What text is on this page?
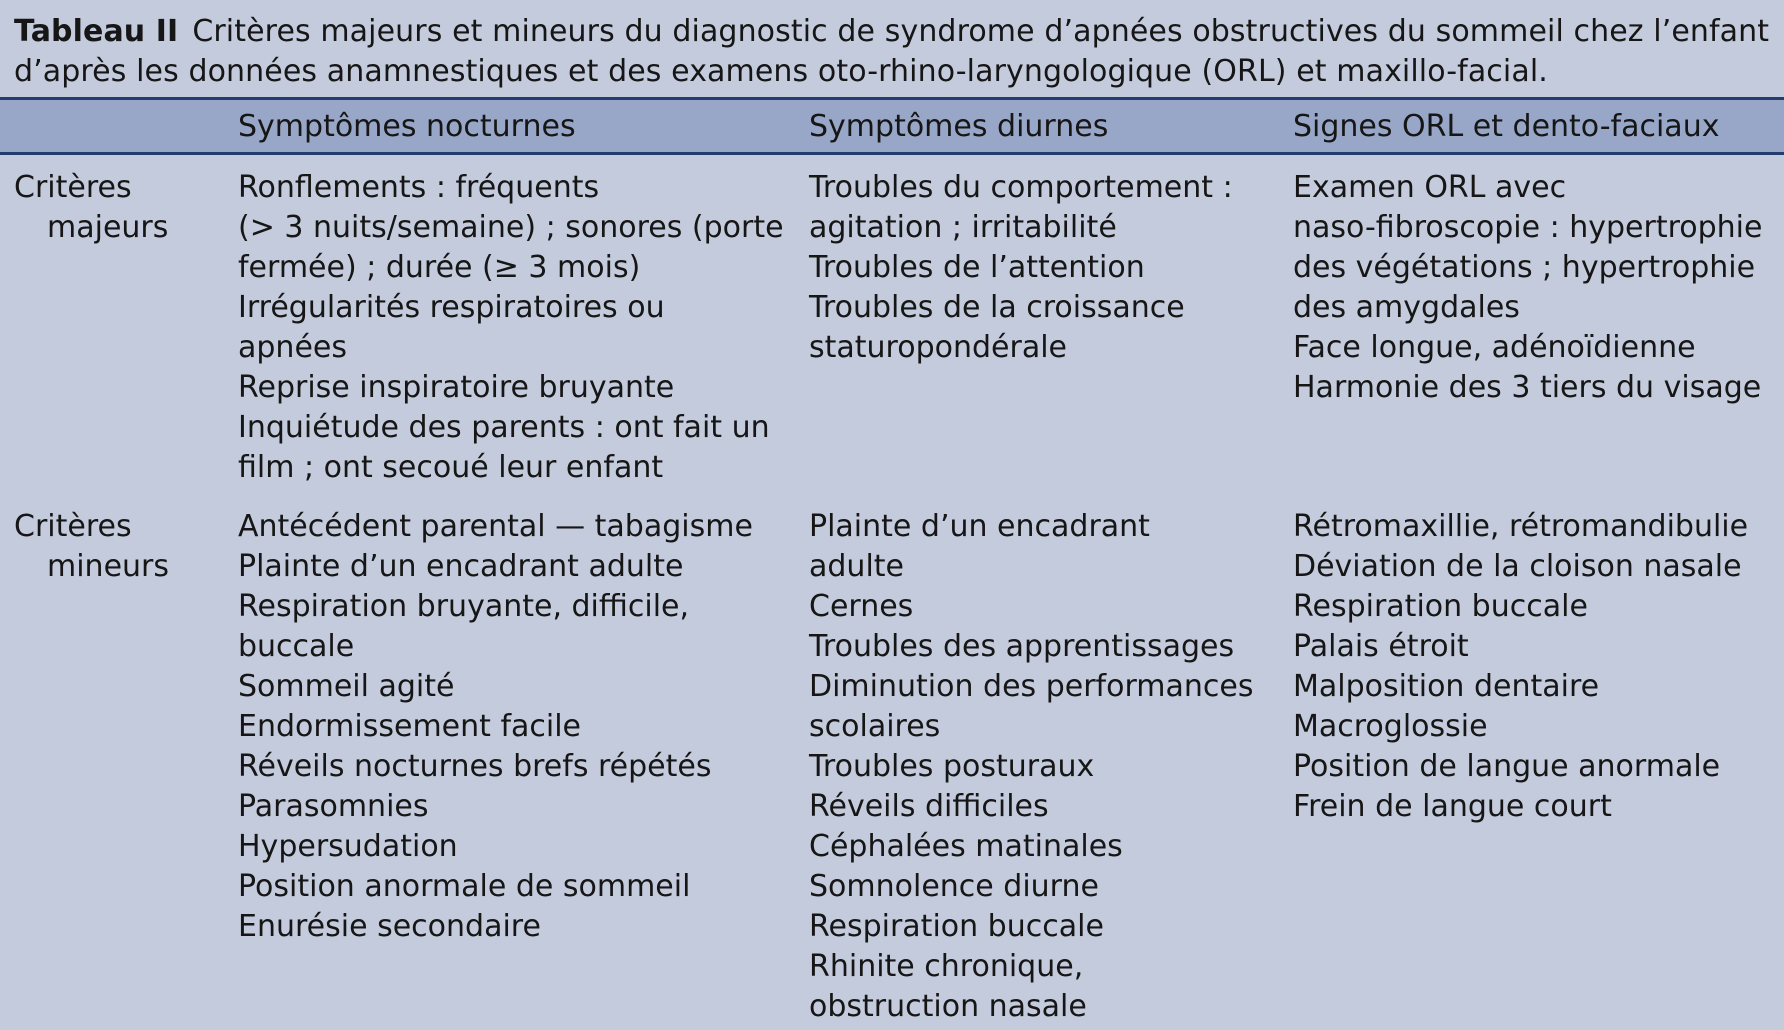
Tableau II Critères majeurs et mineurs du diagnostic de syndrome d’apnées obstructives du sommeil chez l’enfant
d’après les données anamnestiques et des examens oto-rhino-laryngologique (ORL) et maxillo-facial.
Symptômes nocturnes	Symptômes diurnes	Signes ORL et dento-faciaux
Critères
majeurs
Ronflements : fréquents
(> 3 nuits/semaine) ; sonores (porte
fermée) ; durée (≥ 3 mois)
Irrégularités respiratoires ou
apnées
Reprise inspiratoire bruyante
Inquiétude des parents : ont fait un
film ; ont secoué leur enfant
Troubles du comportement :
agitation ; irritabilité
Troubles de l’attention
Troubles de la croissance
staturopondérale
Examen ORL avec
naso-fibroscopie : hypertrophie
des végétations ; hypertrophie
des amygdales
Face longue, adénoïdienne
Harmonie des 3 tiers du visage
Critères
mineurs
Antécédent parental — tabagisme
Plainte d’un encadrant adulte
Respiration bruyante, difficile,
buccale
Sommeil agité
Endormissement facile
Réveils nocturnes brefs répétés
Parasomnies
Hypersudation
Position anormale de sommeil
Enurésie secondaire
Plainte d’un encadrant
adulte
Cernes
Troubles des apprentissages
Diminution des performances
scolaires
Troubles posturaux
Réveils difficiles
Céphalées matinales
Somnolence diurne
Respiration buccale
Rhinite chronique,
obstruction nasale
Rétromaxillie, rétromandibulie
Déviation de la cloison nasale
Respiration buccale
Palais étroit
Malposition dentaire
Macroglossie
Position de langue anormale
Frein de langue court
